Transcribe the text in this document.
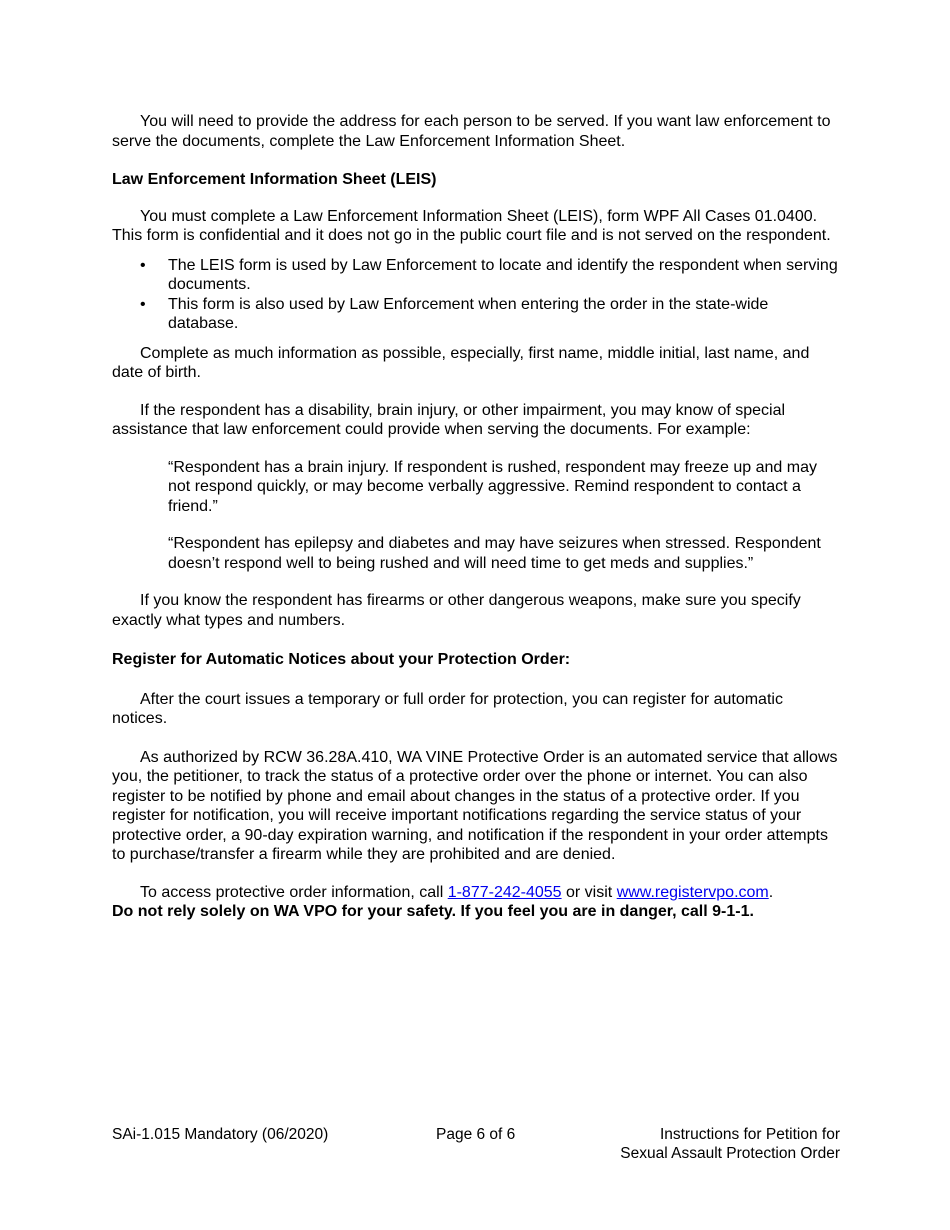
You will need to provide the address for each person to be served. If you want law enforcement to serve the documents, complete the Law Enforcement Information Sheet.

Law Enforcement Information Sheet (LEIS)

You must complete a Law Enforcement Information Sheet (LEIS), form WPF All Cases 01.0400. This form is confidential and it does not go in the public court file and is not served on the respondent.

• The LEIS form is used by Law Enforcement to locate and identify the respondent when serving documents.
• This form is also used by Law Enforcement when entering the order in the state-wide database.

Complete as much information as possible, especially, first name, middle initial, last name, and date of birth.

If the respondent has a disability, brain injury, or other impairment, you may know of special assistance that law enforcement could provide when serving the documents. For example:

“Respondent has a brain injury. If respondent is rushed, respondent may freeze up and may not respond quickly, or may become verbally aggressive. Remind respondent to contact a friend.”

“Respondent has epilepsy and diabetes and may have seizures when stressed. Respondent doesn’t respond well to being rushed and will need time to get meds and supplies.”

If you know the respondent has firearms or other dangerous weapons, make sure you specify exactly what types and numbers.

Register for Automatic Notices about your Protection Order:

After the court issues a temporary or full order for protection, you can register for automatic notices.

As authorized by RCW 36.28A.410, WA VINE Protective Order is an automated service that allows you, the petitioner, to track the status of a protective order over the phone or internet. You can also register to be notified by phone and email about changes in the status of a protective order. If you register for notification, you will receive important notifications regarding the service status of your protective order, a 90-day expiration warning, and notification if the respondent in your order attempts to purchase/transfer a firearm while they are prohibited and are denied.

To access protective order information, call 1-877-242-4055 or visit www.registervpo.com.

Do not rely solely on WA VPO for your safety. If you feel you are in danger, call 9-1-1.

SAi-1.015 Mandatory (06/2020)	Page 6 of 6	Instructions for Petition for
Sexual Assault Protection Order
